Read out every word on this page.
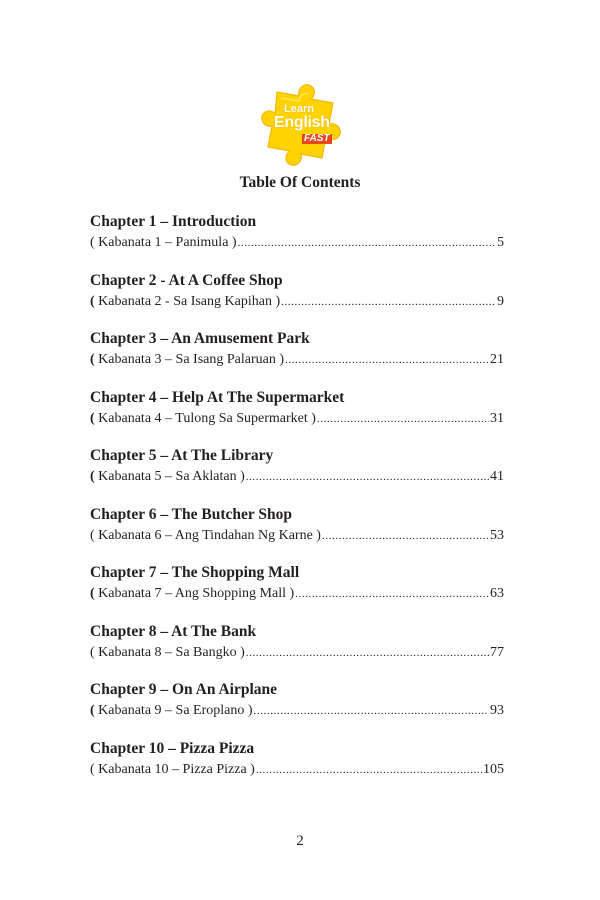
Learn	®
English
FAST
Table Of Contents
Chapter 1 – Introduction
( Kabanata 1 – Panimula ) .....	5
Chapter 2 - At A Coffee Shop
( Kabanata 2 - Sa Isang Kapihan ) .....	9
Chapter 3 – An Amusement Park
( Kabanata 3 – Sa Isang Palaruan ) .....	21
Chapter 4 – Help At The Supermarket
( Kabanata 4 – Tulong Sa Supermarket ) .....	31
Chapter 5 – At The Library
( Kabanata 5 – Sa Aklatan ) .....	41
Chapter 6 – The Butcher Shop
( Kabanata 6 – Ang Tindahan Ng Karne ) .....	53
Chapter 7 – The Shopping Mall
( Kabanata 7 – Ang Shopping Mall ) .....	63
Chapter 8 – At The Bank
( Kabanata 8 – Sa Bangko ) .....	77
Chapter 9 – On An Airplane
( Kabanata 9 – Sa Eroplano ) .....	93
Chapter 10 – Pizza Pizza
( Kabanata 10 – Pizza Pizza ) .....	105
2
